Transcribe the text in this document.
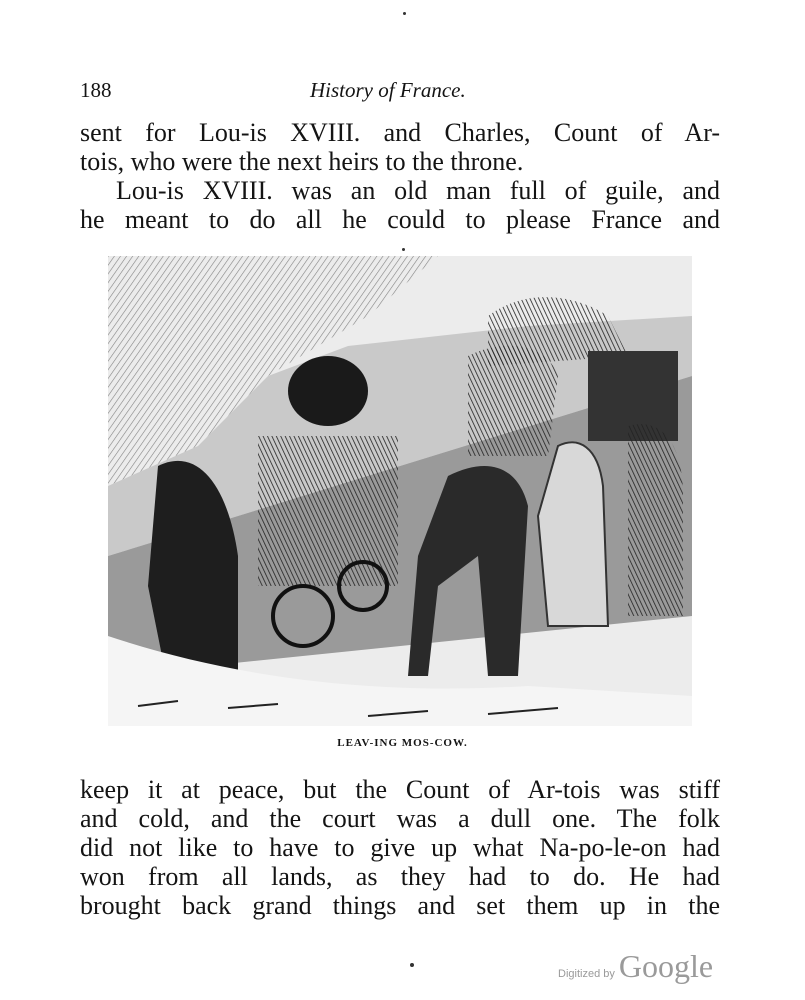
188	History of France.
sent for Lou-is XVIII. and Charles, Count of Ar-
tois, who were the next heirs to the throne.
Lou-is XVIII. was an old man full of guile, and
he meant to do all he could to please France and
LEAV-ING MOS-COW.
keep it at peace, but the Count of Ar-tois was stiff
and cold, and the court was a dull one. The folk
did not like to have to give up what Na-po-le-on had
won from all lands, as they had to do. He had
brought back grand things and set them up in the
Digitized by Google
